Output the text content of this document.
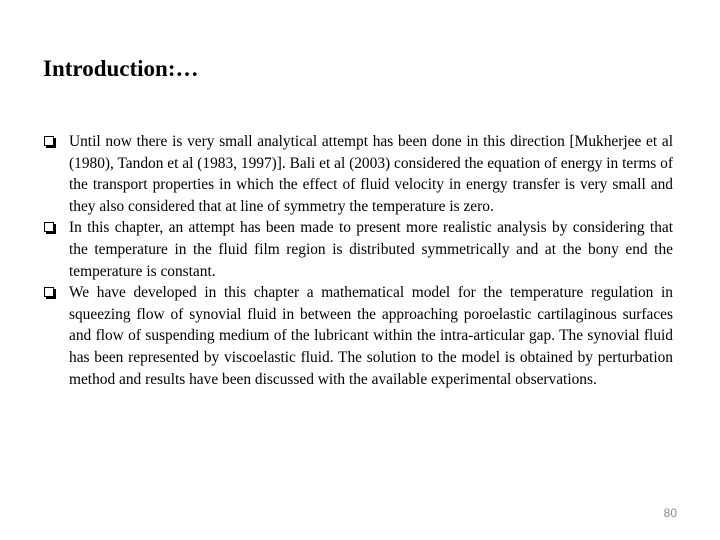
Introduction:…
Until now there is very small analytical attempt has been done in this direction [Mukherjee et al (1980), Tandon et al (1983, 1997)]. Bali et al (2003) considered the equation of energy in terms of the transport properties in which the effect of fluid velocity in energy transfer is very small and they also considered that at line of symmetry the temperature is zero.
In this chapter, an attempt has been made to present more realistic analysis by considering that the temperature in the fluid film region is distributed symmetrically and at the bony end the temperature is constant.
We have developed in this chapter a mathematical model for the temperature regulation in squeezing flow of synovial fluid in between the approaching poroelastic cartilaginous surfaces and flow of suspending medium of the lubricant within the intra-articular gap. The synovial fluid has been represented by viscoelastic fluid. The solution to the model is obtained by perturbation method and results have been discussed with the available experimental observations.
80
